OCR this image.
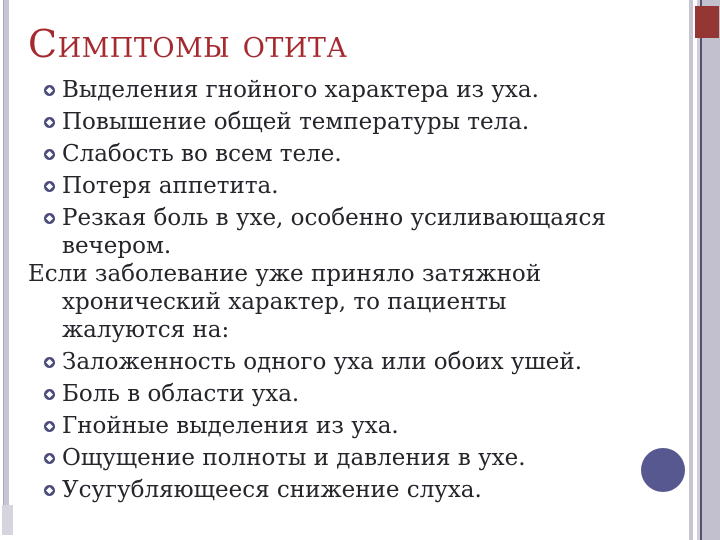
Симптомы отита
Выделения гнойного характера из уха.
Повышение общей температуры тела.
Слабость во всем теле.
Потеря аппетита.
Резкая боль в ухе, особенно усиливающаяся
вечером.
Если заболевание уже приняло затяжной
хронический характер, то пациенты
жалуются на:
Заложенность одного уха или обоих ушей.
Боль в области уха.
Гнойные выделения из уха.
Ощущение полноты и давления в ухе.
Усугубляющееся снижение слуха.
